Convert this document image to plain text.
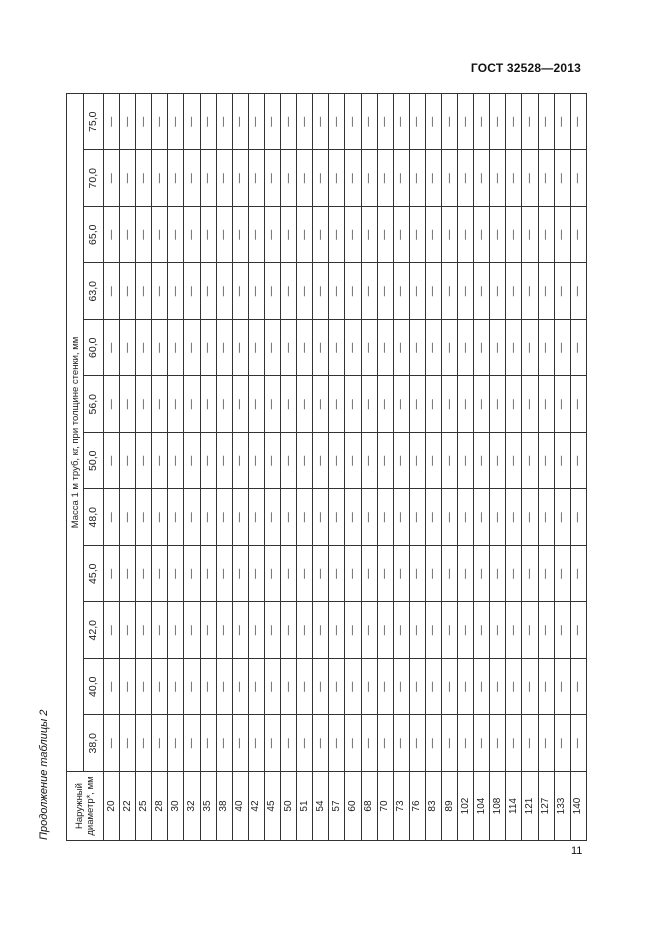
ГОСТ 32528—2013
Продолжение таблицы 2	Наружный диаметр*, мм	Масса 1 м труб, кг, при толщине стенки, мм											
	38,0	40,0	42,0	45,0	48,0	50,0	56,0	60,0	63,0	65,0	70,0	75,0
20	—	—	—	—	—	—	—	—	—	—	—	—
22	—	—	—	—	—	—	—	—	—	—	—	—
25	—	—	—	—	—	—	—	—	—	—	—	—
28	—	—	—	—	—	—	—	—	—	—	—	—
30	—	—	—	—	—	—	—	—	—	—	—	—
32	—	—	—	—	—	—	—	—	—	—	—	—
35	—	—	—	—	—	—	—	—	—	—	—	—
38	—	—	—	—	—	—	—	—	—	—	—	—
40	—	—	—	—	—	—	—	—	—	—	—	—
42	—	—	—	—	—	—	—	—	—	—	—	—
45	—	—	—	—	—	—	—	—	—	—	—	—
50	—	—	—	—	—	—	—	—	—	—	—	—
51	—	—	—	—	—	—	—	—	—	—	—	—
54	—	—	—	—	—	—	—	—	—	—	—	—
57	—	—	—	—	—	—	—	—	—	—	—	—
60	—	—	—	—	—	—	—	—	—	—	—	—
68	—	—	—	—	—	—	—	—	—	—	—	—
70	—	—	—	—	—	—	—	—	—	—	—	—
73	—	—	—	—	—	—	—	—	—	—	—	—
76	—	—	—	—	—	—	—	—	—	—	—	—
83	—	—	—	—	—	—	—	—	—	—	—	—
89	—	—	—	—	—	—	—	—	—	—	—	—
102	—	—	—	—	—	—	—	—	—	—	—	—
104	—	—	—	—	—	—	—	—	—	—	—	—
108	—	—	—	—	—	—	—	—	—	—	—	—
114	—	—	—	—	—	—	—	—	—	—	—	—
121	—	—	—	—	—	—	—	—	—	—	—	—
127	—	—	—	—	—	—	—	—	—	—	—	—
133	—	—	—	—	—	—	—	—	—	—	—	—
140	—	—	—	—	—	—	—	—	—	—	—	—
11
